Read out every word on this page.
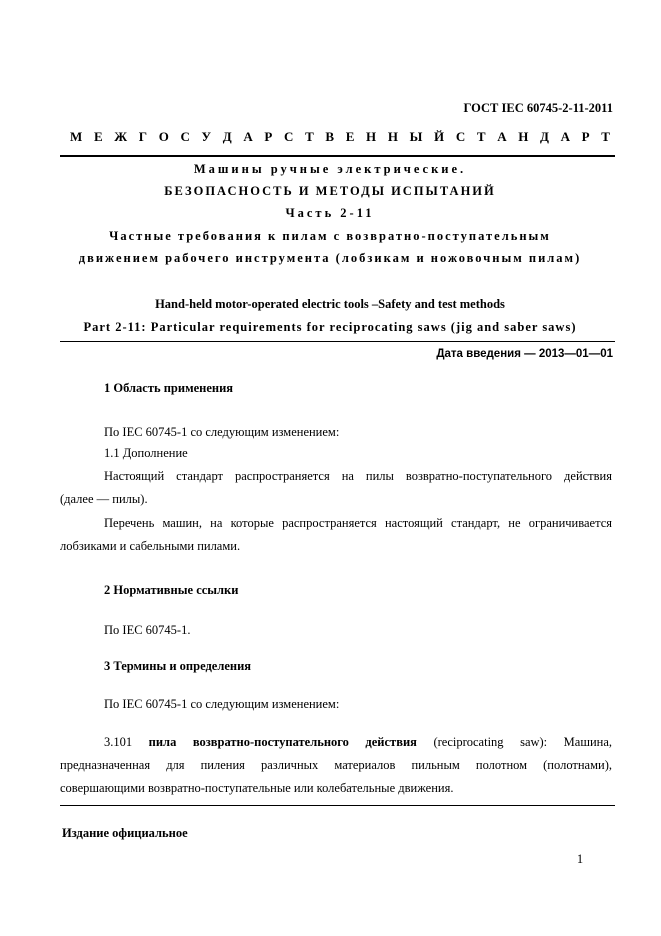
ГОСТ IEC 60745-2-11-2011
М Е Ж Г О С У Д А Р С Т В Е Н Н Ы Й С Т А Н Д А Р Т
Машины ручные электрические.
БЕЗОПАСНОСТЬ И МЕТОДЫ ИСПЫТАНИЙ
Часть 2-11
Частные требования к пилам с возвратно-поступательным
движением рабочего инструмента (лобзикам и ножовочным пилам)
Hand-held motor-operated electric tools –Safety and test methods
Part 2-11: Particular requirements for reciprocating saws (jig and saber saws)
Дата введения — 2013—01—01
1 Область применения
По IEC 60745-1 со следующим изменением:
1.1 Дополнение
Настоящий стандарт распространяется на пилы возвратно-поступательного действия
(далее — пилы).
Перечень машин, на которые распространяется настоящий стандарт, не ограничивается
лобзиками и сабельными пилами.
2 Нормативные ссылки
По IEC 60745-1.
3 Термины и определения
По IEC 60745-1 со следующим изменением:
3.101 пила возвратно-поступательного действия (reciprocating saw): Машина,
предназначенная для пиления различных материалов пильным полотном (полотнами),
совершающими возвратно-поступательные или колебательные движения.
Издание официальное
1
